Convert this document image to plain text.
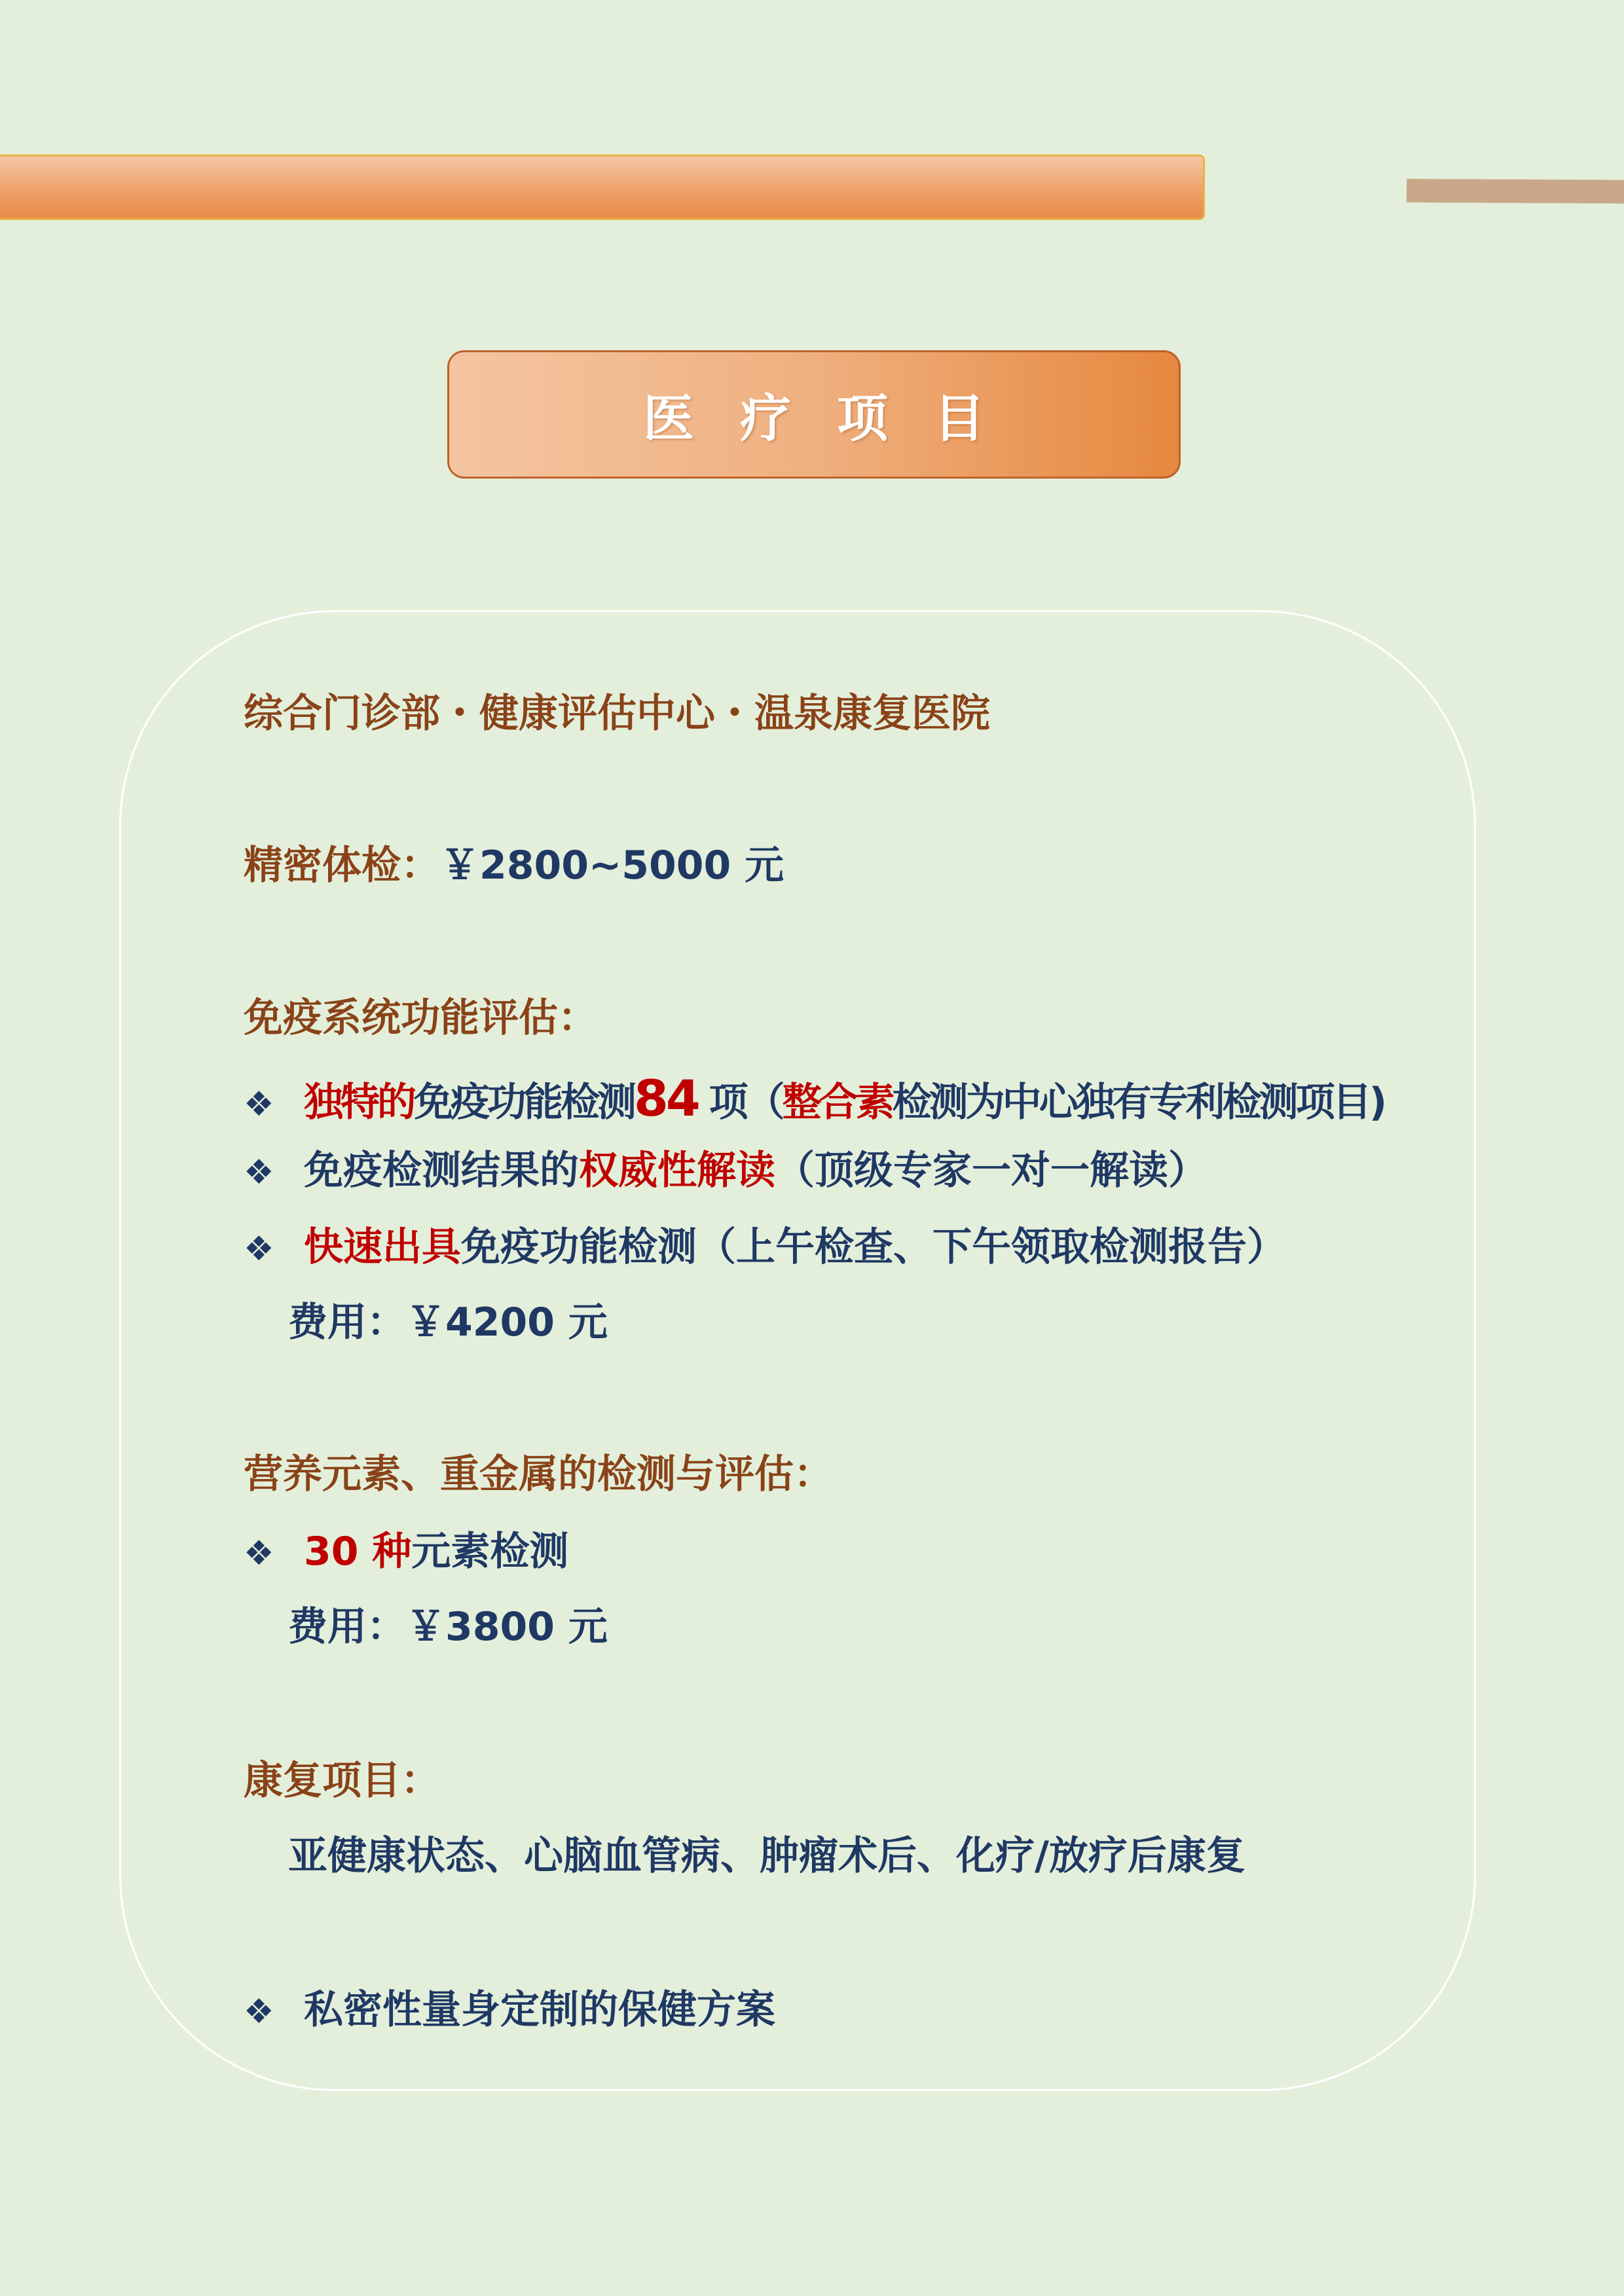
医疗项目
综合门诊部・健康评估中心・温泉康复医院
精密体检：￥2800~5000 元
免疫系统功能评估：
❖ 独特的免疫功能检测84 项（整合素检测为中心独有专利检测项目)
❖ 免疫检测结果的权威性解读（顶级专家一对一解读）
❖ 快速出具免疫功能检测（上午检查、下午领取检测报告）
费用：￥4200 元
营养元素、重金属的检测与评估：
❖ 30 种元素检测
费用：￥3800 元
康复项目：
亚健康状态、心脑血管病、肿瘤术后、化疗/放疗后康复
❖ 私密性量身定制的保健方案
